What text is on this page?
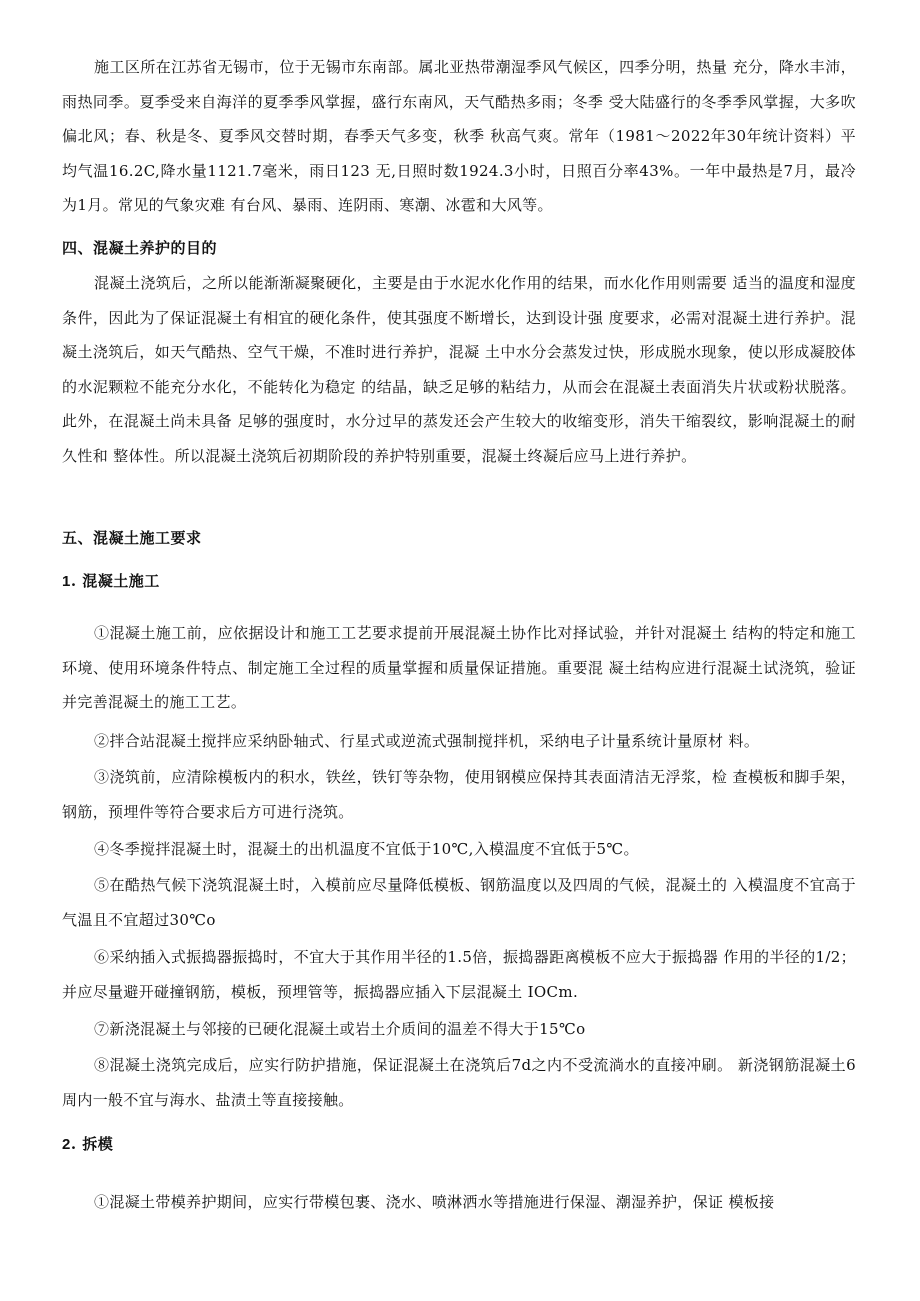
施工区所在江苏省无锡市，位于无锡市东南部。属北亚热带潮湿季风气候区，四季分明，热量 充分，降水丰沛，雨热同季。夏季受来自海洋的夏季季风掌握，盛行东南风，天气酷热多雨；冬季 受大陆盛行的冬季季风掌握，大多吹偏北风；春、秋是冬、夏季风交替时期，春季天气多变，秋季 秋高气爽。常年（1981～2022年30年统计资料）平均气温16.2C,降水量1121.7毫米，雨日123 无,日照时数1924.3小时，日照百分率43%。一年中最热是7月，最冷为1月。常见的气象灾难 有台风、暴雨、连阴雨、寒潮、冰雹和大风等。

四、混凝土养护的目的

混凝土浇筑后，之所以能渐渐凝聚硬化，主要是由于水泥水化作用的结果，而水化作用则需要 适当的温度和湿度条件，因此为了保证混凝土有相宜的硬化条件，使其强度不断增长，达到设计强 度要求，必需对混凝土进行养护。混凝土浇筑后，如天气酷热、空气干燥，不准时进行养护，混凝 土中水分会蒸发过快，形成脱水现象，使以形成凝胶体的水泥颗粒不能充分水化，不能转化为稳定 的结晶，缺乏足够的粘结力，从而会在混凝土表面消失片状或粉状脱落。此外，在混凝土尚未具备 足够的强度时，水分过早的蒸发还会产生较大的收缩变形，消失干缩裂纹，影响混凝土的耐久性和 整体性。所以混凝土浇筑后初期阶段的养护特别重要，混凝土终凝后应马上进行养护。

五、混凝土施工要求
1. 混凝土施工

①混凝土施工前，应依据设计和施工工艺要求提前开展混凝土协作比对择试验，并针对混凝土 结构的特定和施工环境、使用环境条件特点、制定施工全过程的质量掌握和质量保证措施。重要混 凝土结构应进行混凝土试浇筑，验证并完善混凝土的施工工艺。

②拌合站混凝土搅拌应采纳卧轴式、行星式或逆流式强制搅拌机，采纳电子计量系统计量原材 料。

③浇筑前，应清除模板内的积水，铁丝，铁钉等杂物，使用钢模应保持其表面清洁无浮浆，检 查模板和脚手架，钢筋，预埋件等符合要求后方可进行浇筑。

④冬季搅拌混凝土时，混凝土的出机温度不宜低于10℃,入模温度不宜低于5℃。

⑤在酷热气候下浇筑混凝土时，入模前应尽量降低模板、钢筋温度以及四周的气候，混凝土的 入模温度不宜高于气温且不宜超过30℃o

⑥采纳插入式振捣器振捣时，不宜大于其作用半径的1.5倍，振捣器距离模板不应大于振捣器 作用的半径的1/2；并应尽量避开碰撞钢筋，模板，预埋管等，振捣器应插入下层混凝土 IOCm.

⑦新浇混凝土与邻接的已硬化混凝土或岩土介质间的温差不得大于15℃o

⑧混凝土浇筑完成后，应实行防护措施，保证混凝土在浇筑后7d之内不受流淌水的直接冲刷。 新浇钢筋混凝土6周内一般不宜与海水、盐渍土等直接接触。

2. 拆模

①混凝土带模养护期间，应实行带模包裹、浇水、喷淋洒水等措施进行保湿、潮湿养护，保证 模板接
